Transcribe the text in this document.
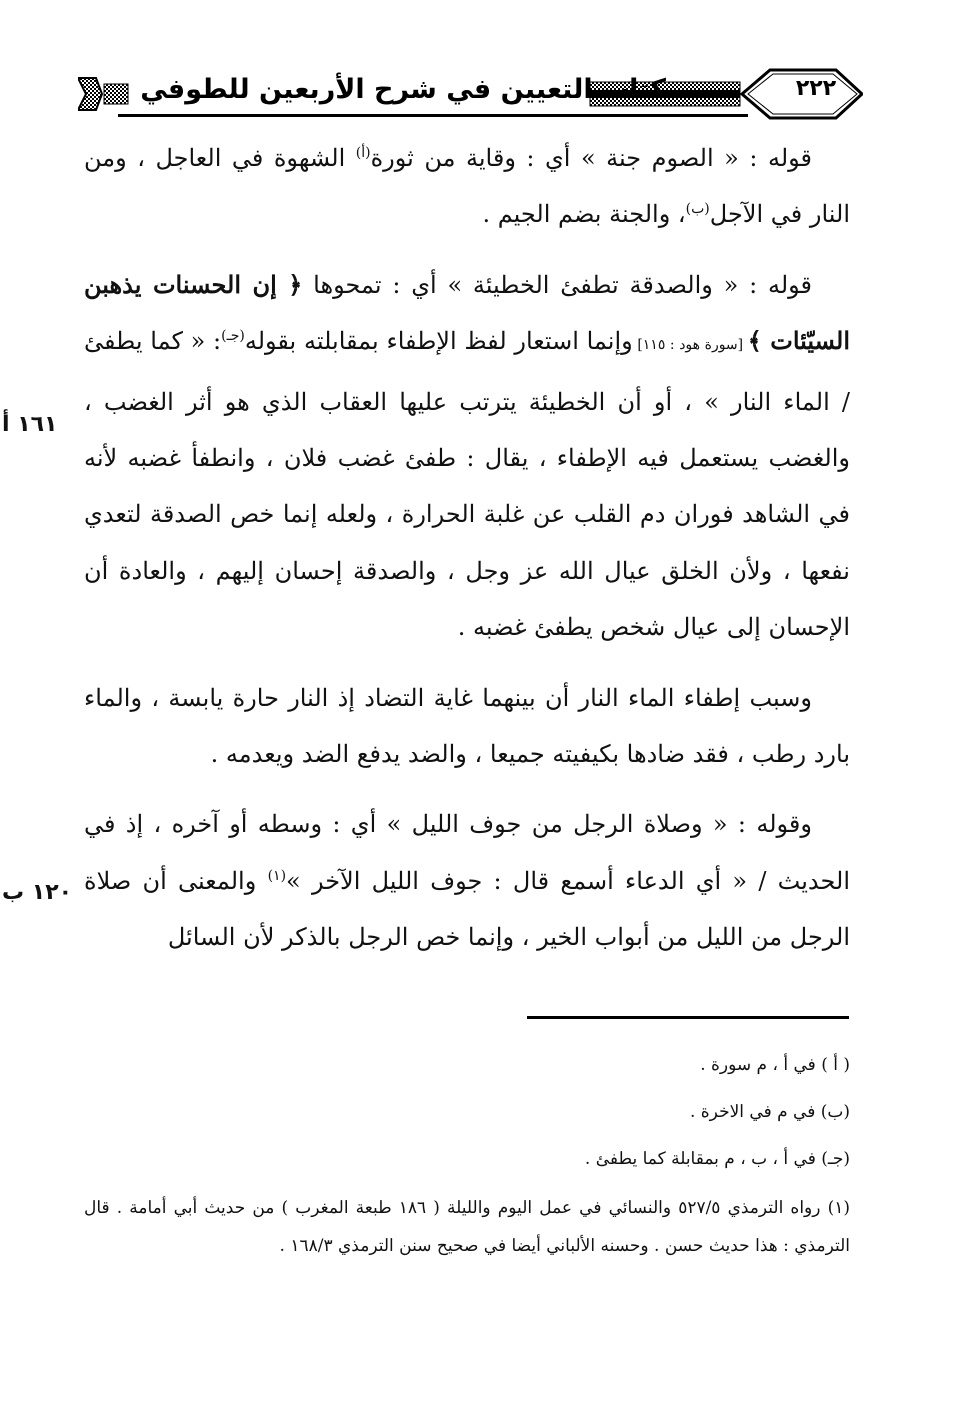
كتاب التعيين في شرح الأربعين للطوفي	٢٢٢

قوله : « الصوم جنة » أي : وقاية من ثورة$^{(أ)}$ الشهوة في العاجل ، ومن النار في الآجل$^{(ب)}$، والجنة بضم الجيم .

قوله : « والصدقة تطفئ الخطيئة » أي : تمحوها ﴿ إن الحسنات يذهبن السيّئات ﴾ [سورة هود : ١١٥] وإنما استعار لفظ الإطفاء بمقابلته بقوله$^{(جـ)}$: « كما يطفئ / الماء النار » ، أو أن الخطيئة يترتب عليها العقاب الذي هو أثر الغضب ، والغضب يستعمل فيه الإطفاء ، يقال : طفئ غضب فلان ، وانطفأ غضبه لأنه في الشاهد فوران دم القلب عن غلبة الحرارة ، ولعله إنما خص الصدقة لتعدي نفعها ، ولأن الخلق عيال الله عز وجل ، والصدقة إحسان إليهم ، والعادة أن الإحسان إلى عيال شخص يطفئ غضبه .

وسبب إطفاء الماء النار أن بينهما غاية التضاد إذ النار حارة يابسة ، والماء بارد رطب ، فقد ضادها بكيفيته جميعا ، والضد يدفع الضد ويعدمه .

وقوله : « وصلاة الرجل من جوف الليل » أي : وسطه أو آخره ، إذ في الحديث / « أي الدعاء أسمع قال : جوف الليل الآخر »$^{(١)}$ والمعنى أن صلاة الرجل من الليل من أبواب الخير ، وإنما خص الرجل بالذكر لأن السائل

١٦١ أ
١٢٠ ب
( أ ) في أ ، م سورة .
(ب) في م في الاخرة .
(جـ) في أ ، ب ، م بمقابلة كما يطفئ .
(١) رواه الترمذي ٥٢٧/٥ والنسائي في عمل اليوم والليلة ( ١٨٦ طبعة المغرب ) من حديث أبي أمامة . قال الترمذي : هذا حديث حسن . وحسنه الألباني أيضا في صحيح سنن الترمذي ١٦٨/٣ .
